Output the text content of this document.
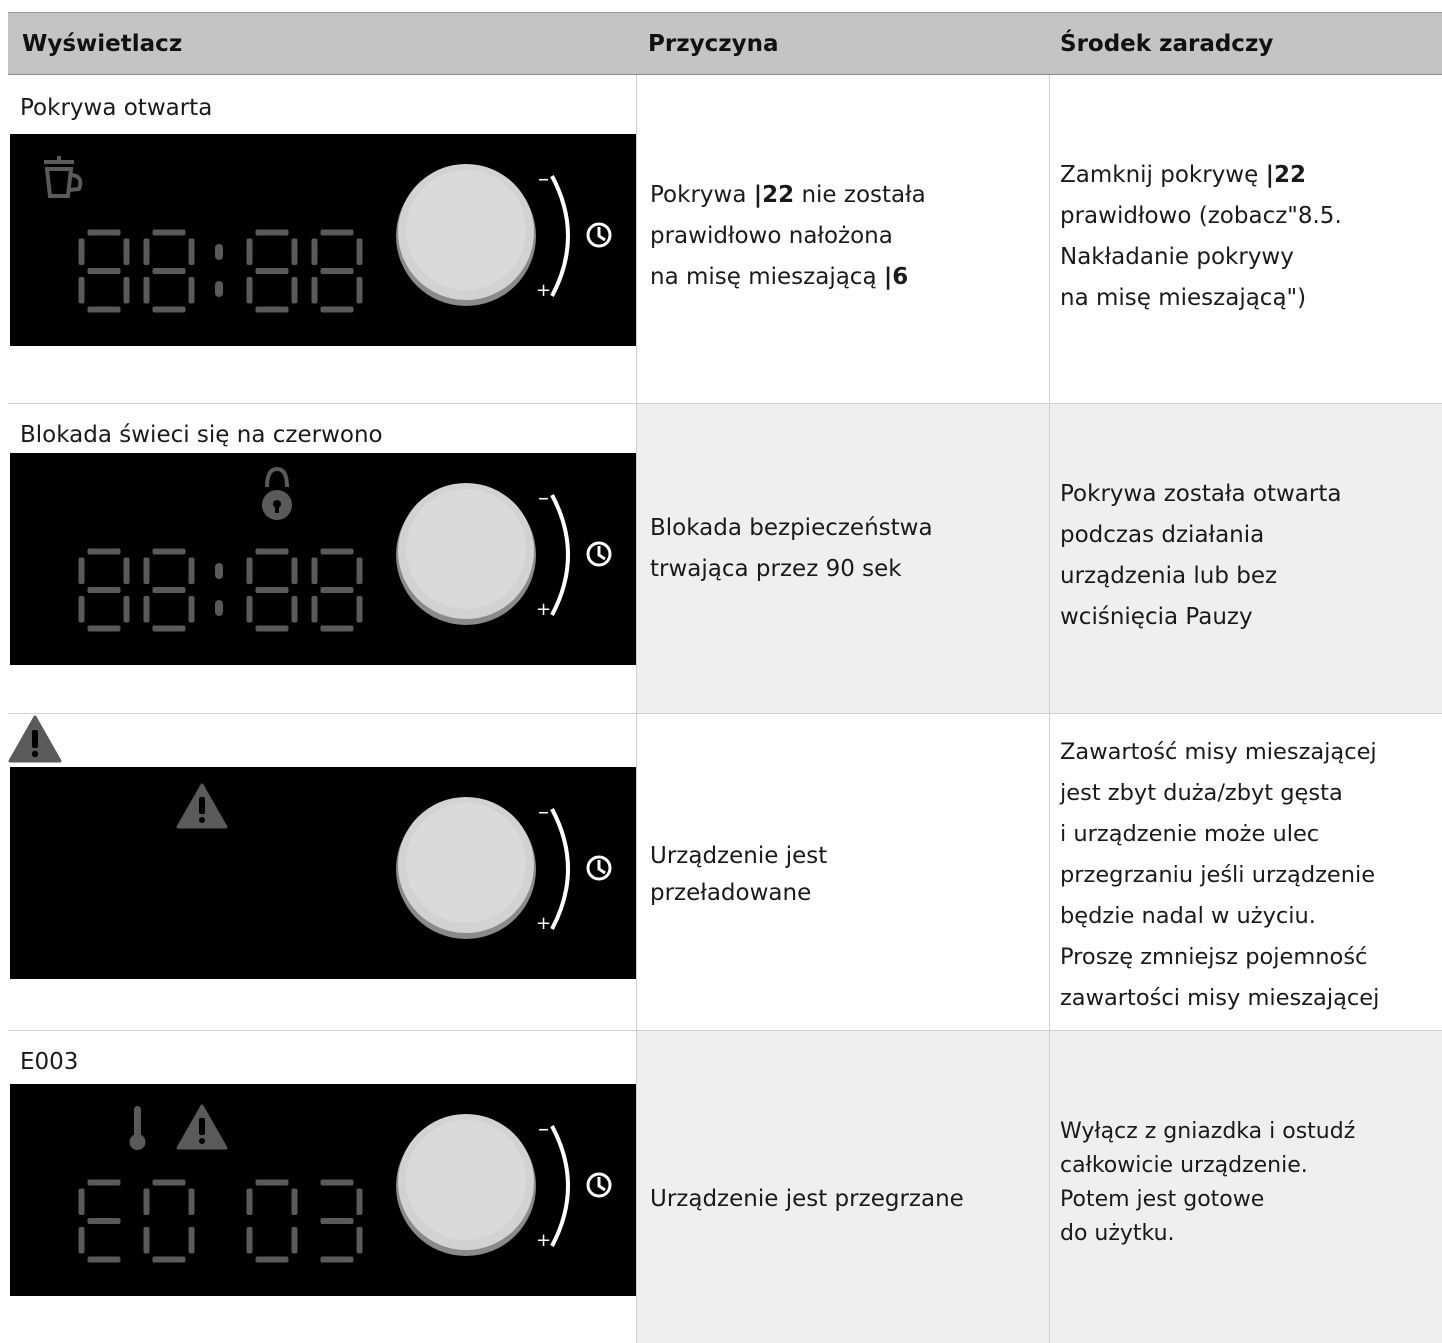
Wyświetlacz	Przyczyna	Środek zaradczy
Pokrywa otwarta
–
+
Pokrywa |22 nie została
prawidłowo nałożona
na misę mieszającą |6
Zamknij pokrywę |22
prawidłowo (zobacz"8.5.
Nakładanie pokrywy
na misę mieszającą")
Blokada świeci się na czerwono
–
+
Blokada bezpieczeństwa
trwająca przez 90 sek
Pokrywa została otwarta
podczas działania
urządzenia lub bez
wciśnięcia Pauzy
–
+
Urządzenie jest
przeładowane
Zawartość misy mieszającej
jest zbyt duża/zbyt gęsta
i urządzenie może ulec
przegrzaniu jeśli urządzenie
będzie nadal w użyciu.
Proszę zmniejsz pojemność
zawartości misy mieszającej
E003
–
+
Urządzenie jest przegrzane
Wyłącz z gniazdka i ostudź
całkowicie urządzenie.
Potem jest gotowe
do użytku.
